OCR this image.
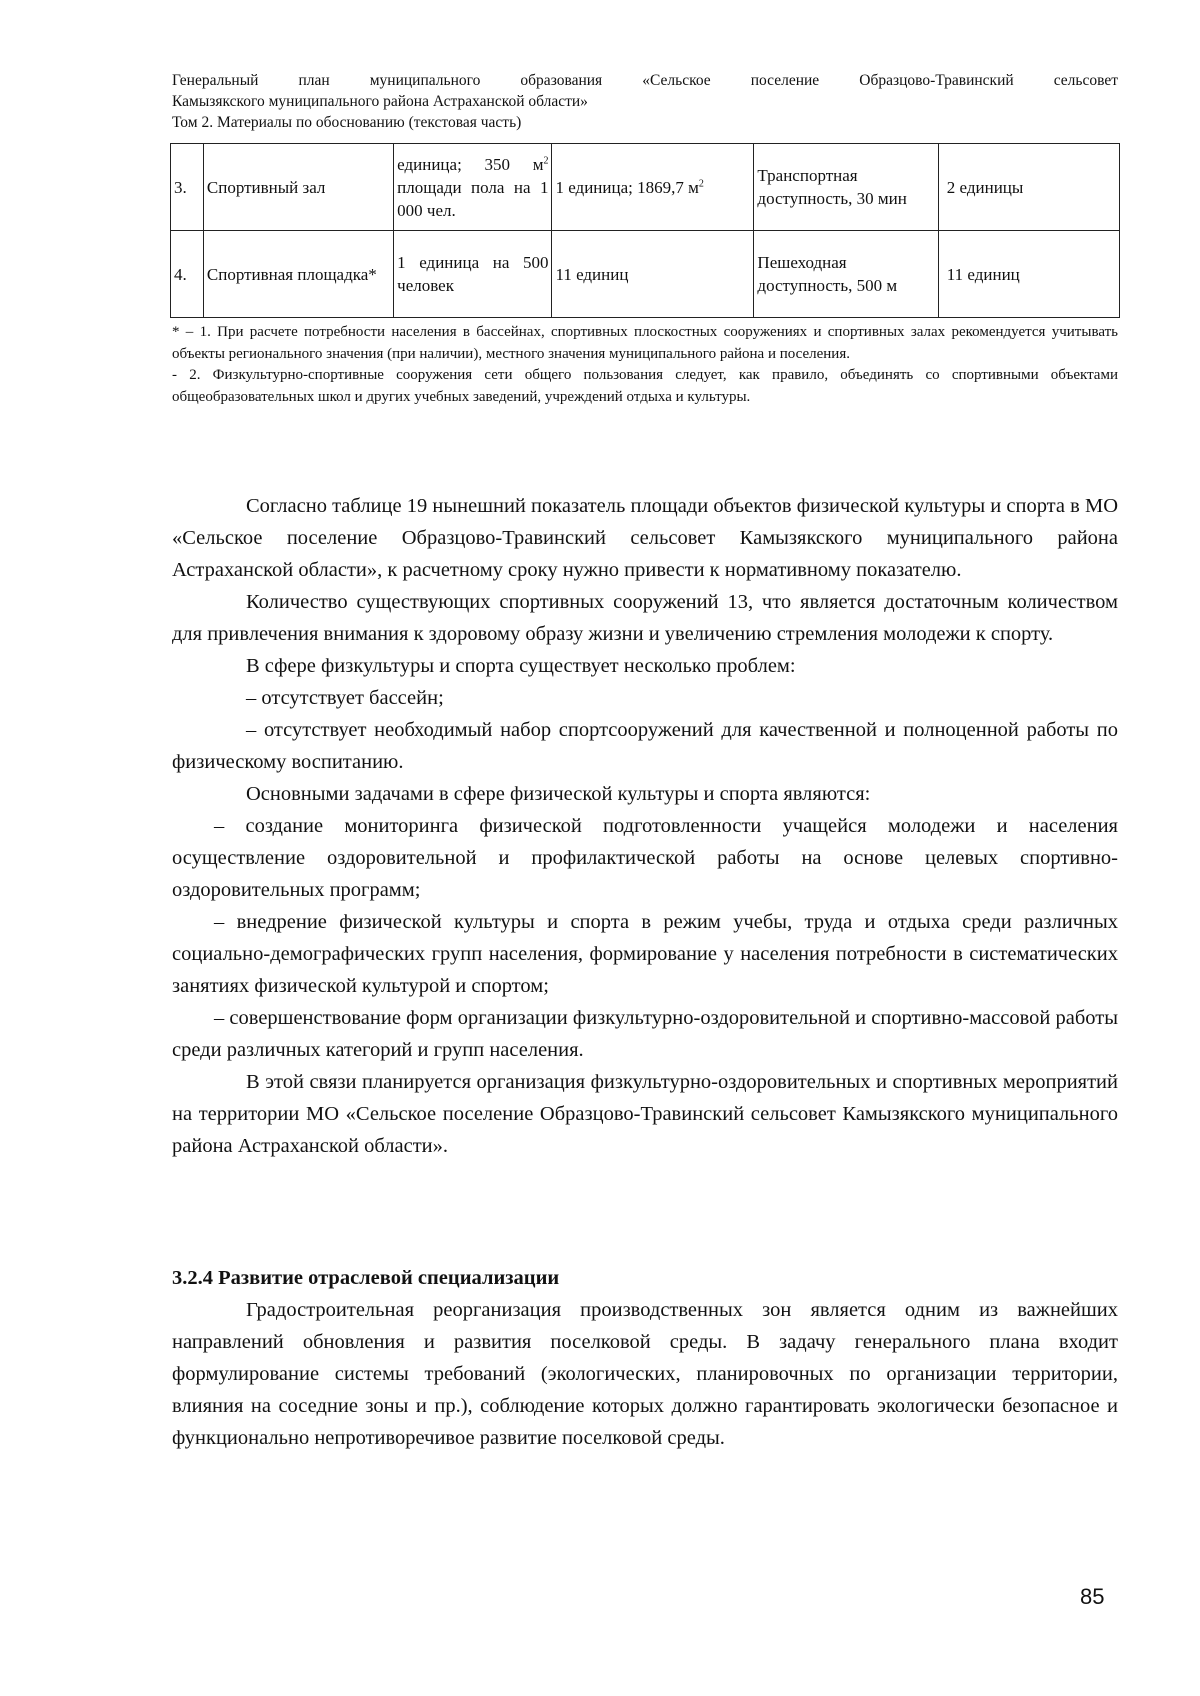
Генеральный план муниципального образования «Сельское поселение Образцово-Травинский сельсовет
Камызякского муниципального района Астраханской области»
Том 2. Материалы по обоснованию (текстовая часть)
3.	Спортивный зал	единица; 350 $м^2$ площади пола на 1 000 чел.	1 единица; 1869,7 $м^2$	Транспортная доступность, 30 мин	2 единицы
4.	Спортивная площадка*	1 единица на 500 человек	11 единиц	Пешеходная доступность, 500 м	11 единиц

* – 1. При расчете потребности населения в бассейнах, спортивных плоскостных сооружениях и спортивных залах рекомендуется учитывать объекты регионального значения (при наличии), местного значения муниципального района и поселения.

- 2. Физкультурно-спортивные сооружения сети общего пользования следует, как правило, объединять со спортивными объектами общеобразовательных школ и других учебных заведений, учреждений отдыха и культуры.

Согласно таблице 19 нынешний показатель площади объектов физической культуры и спорта в МО «Сельское поселение Образцово-Травинский сельсовет Камызякского муниципального района Астраханской области», к расчетному сроку нужно привести к нормативному показателю.

Количество существующих спортивных сооружений 13, что является достаточным количеством для привлечения внимания к здоровому образу жизни и увеличению стремления молодежи к спорту.

В сфере физкультуры и спорта существует несколько проблем:

– отсутствует бассейн;

– отсутствует необходимый набор спортсооружений для качественной и полноценной работы по физическому воспитанию.

Основными задачами в сфере физической культуры и спорта являются:

– создание мониторинга физической подготовленности учащейся молодежи и населения осуществление оздоровительной и профилактической работы на основе целевых спортивно-оздоровительных программ;

– внедрение физической культуры и спорта в режим учебы, труда и отдыха среди различных социально-демографических групп населения, формирование у населения потребности в систематических занятиях физической культурой и спортом;

– совершенствование форм организации физкультурно-оздоровительной и спортивно-массовой работы среди различных категорий и групп населения.

В этой связи планируется организация физкультурно-оздоровительных и спортивных мероприятий на территории МО «Сельское поселение Образцово-Травинский сельсовет Камызякского муниципального района Астраханской области».

3.2.4 Развитие отраслевой специализации

Градостроительная реорганизация производственных зон является одним из важнейших направлений обновления и развития поселковой среды. В задачу генерального плана входит формулирование системы требований (экологических, планировочных по организации территории, влияния на соседние зоны и пр.), соблюдение которых должно гарантировать экологически безопасное и функционально непротиворечивое развитие поселковой среды.

85
